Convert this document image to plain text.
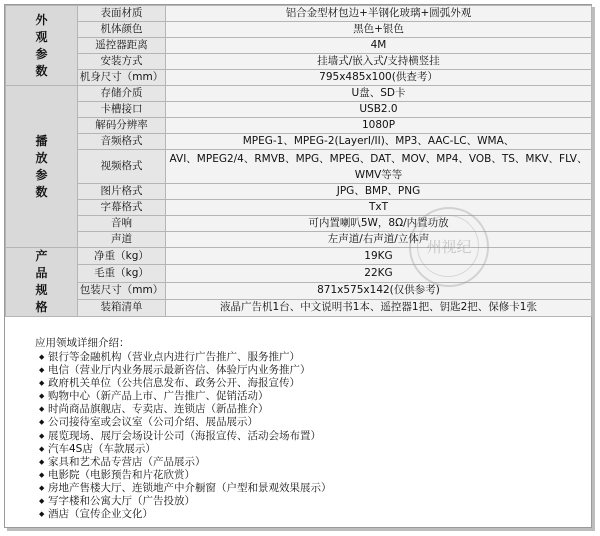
外观参数	表面材质	铝合金型材包边+半钢化玻璃+圆弧外观
	机体颜色	黑色+银色
	遥控器距离	4M
	安装方式	挂墙式/嵌入式/支持横竖挂
	机身尺寸（mm）	795x485x100(供查考）
播放参数	存储介质	U盘、SD卡
	卡槽接口	USB2.0
	解码分辨率	1080P
	音频格式	MPEG-1、MPEG-2(LayerI/II)、MP3、AAC-LC、WMA、
	视频格式	AVI、MPEG2/4、RMVB、MPG、MPEG、DAT、MOV、MP4、VOB、TS、MKV、FLV、WMV等等
	图片格式	JPG、BMP、PNG
	字幕格式	TxT
	音响	可内置喇叭5W，8Ω/内置功放
	声道	左声道/右声道/立体声
产品规格	净重（kg）	19KG
	毛重（kg）	22KG
	包装尺寸（mm）	871x575x142(仅供参考)
	装箱清单	液晶广告机1台、中文说明书1本、遥控器1把、钥匙2把、保修卡1张
州视纪
应用领域详细介绍：
◆ 银行等金融机构（营业点内进行广告推广、服务推广）
◆ 电信（营业厅内业务展示最新咨信、体验厅内业务推广）
◆ 政府机关单位（公共信息发布、政务公开、海报宣传）
◆ 购物中心（新产品上市、广告推广、促销活动）
◆ 时尚商品旗舰店、专卖店、连锁店（新品推介）
◆ 公司接待室或会议室（公司介绍、展品展示）
◆ 展览现场、展厅会场设计公司（海报宣传、活动会场布置）
◆ 汽车4S店（车款展示）
◆ 家具和艺术品专营店（产品展示）
◆ 电影院（电影预告和片花欣赏）
◆ 房地产售楼大厅、连锁地产中介橱窗（户型和景观效果展示）
◆ 写字楼和公寓大厅（广告投放）
◆ 酒店（宣传企业文化）
